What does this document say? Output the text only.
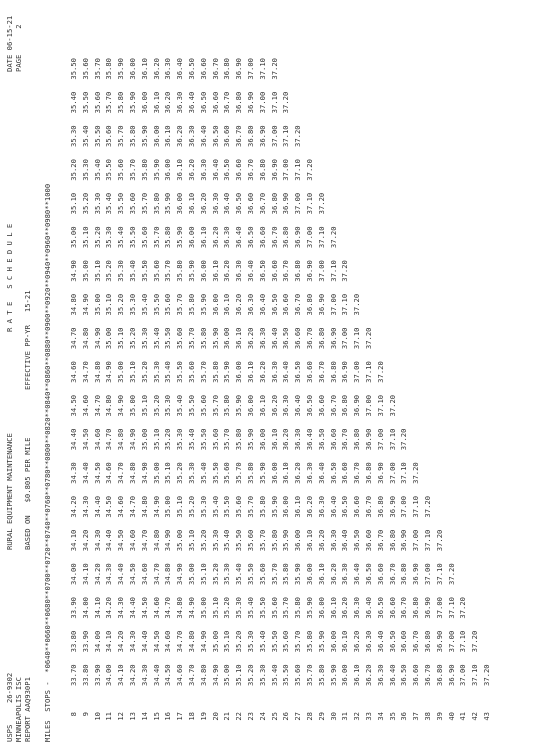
USPS     26-9302 MINNEAPOLIS ISC REPORT AAQ930P1
RURAL EQUIPMENT MAINTENANCE BASED ON   $0.805 PER MILE
R A T E   S C H E D U L E
EFFECTIVE PP-YR   15-21
DATE 06-15-21 PAGE      2
MILES  STOPS -  *0640**0660**0680**0700**0720**0740**0760**0780**0800**0820**0840**0860**0880**0900**0920**0940**0960**0980**1000 8
33.7033.8033.9034.0034.1034.2034.3034.4034.5034.6034.7034.8034.9035.0035.1035.2035.3035.4035.50
9
33.8033.9034.0034.1034.2034.3034.4034.5034.6034.7034.8034.9035.0035.1035.2035.3035.4035.5035.60
10
33.9034.0034.1034.2034.3034.4034.5034.6034.7034.8034.9035.0035.1035.2035.3035.4035.5035.6035.70
11
34.0034.1034.2034.3034.4034.5034.6034.7034.8034.9035.0035.1035.2035.3035.4035.5035.6035.7035.80
12
34.1034.2034.3034.4034.5034.6034.7034.8034.9035.0035.1035.2035.3035.4035.5035.6035.7035.8035.90
13
34.2034.3034.4034.5034.6034.7034.8034.9035.0035.1035.2035.3035.4035.5035.6035.7035.8035.9036.00
14
34.3034.4034.5034.6034.7034.8034.9035.0035.1035.2035.3035.4035.5035.6035.7035.8035.9036.0036.10
15
34.4034.5034.6034.7034.8034.9035.0035.1035.2035.3035.4035.5035.6035.7035.8035.9036.0036.1036.20
16
34.5034.6034.7034.8034.9035.0035.1035.2035.3035.4035.5035.6035.7035.8035.9036.0036.1036.2036.30
17
34.6034.7034.8034.9035.0035.1035.2035.3035.4035.5035.6035.7035.8035.9036.0036.1036.2036.3036.40
18
34.7034.8034.9035.0035.1035.2035.3035.4035.5035.6035.7035.8035.9036.0036.1036.2036.3036.4036.50
19
34.8034.9035.0035.1035.2035.3035.4035.5035.6035.7035.8035.9036.0036.1036.2036.3036.4036.5036.60
20
34.9035.0035.1035.2035.3035.4035.5035.6035.7035.8035.9036.0036.1036.2036.3036.4036.5036.6036.70
21
35.0035.1035.2035.3035.4035.5035.6035.7035.8035.9036.0036.1036.2036.3036.4036.5036.6036.7036.80
22
35.1035.2035.3035.4035.5035.6035.7035.8035.9036.0036.1036.2036.3036.4036.5036.6036.7036.8036.90
23
35.2035.3035.4035.5035.6035.7035.8035.9036.0036.1036.2036.3036.4036.5036.6036.7036.8036.9037.00
24
35.3035.4035.5035.6035.7035.8035.9036.0036.1036.2036.3036.4036.5036.6036.7036.8036.9037.0037.10
25
35.4035.5035.6035.7035.8035.9036.0036.1036.2036.3036.4036.5036.6036.7036.8036.9037.0037.1037.20
26
35.5035.6035.7035.8035.9036.0036.1036.2036.3036.4036.5036.6036.7036.8036.9037.0037.1037.20
27
35.6035.7035.8035.9036.0036.1036.2036.3036.4036.5036.6036.7036.8036.9037.0037.1037.20
28
35.7035.8035.9036.0036.1036.2036.3036.4036.5036.6036.7036.8036.9037.0037.1037.20
29
35.8035.9036.0036.1036.2036.3036.4036.5036.6036.7036.8036.9037.0037.1037.20
30
35.9036.0036.1036.2036.3036.4036.5036.6036.7036.8036.9037.0037.1037.20
31
36.0036.1036.2036.3036.4036.5036.6036.7036.8036.9037.0037.1037.20
32
36.1036.2036.3036.4036.5036.6036.7036.8036.9037.0037.1037.20
33
36.2036.3036.4036.5036.6036.7036.8036.9037.0037.1037.20
34
36.3036.4036.5036.6036.7036.8036.9037.0037.1037.20
35
36.4036.5036.6036.7036.8036.9037.0037.1037.20
36
36.5036.6036.7036.8036.9037.0037.1037.20
37
36.6036.7036.8036.9037.0037.1037.20
38
36.7036.8036.9037.0037.1037.20
39
36.8036.9037.0037.1037.20
40
36.9037.0037.1037.20
41
37.0037.1037.20
42
37.1037.20
43
37.20
